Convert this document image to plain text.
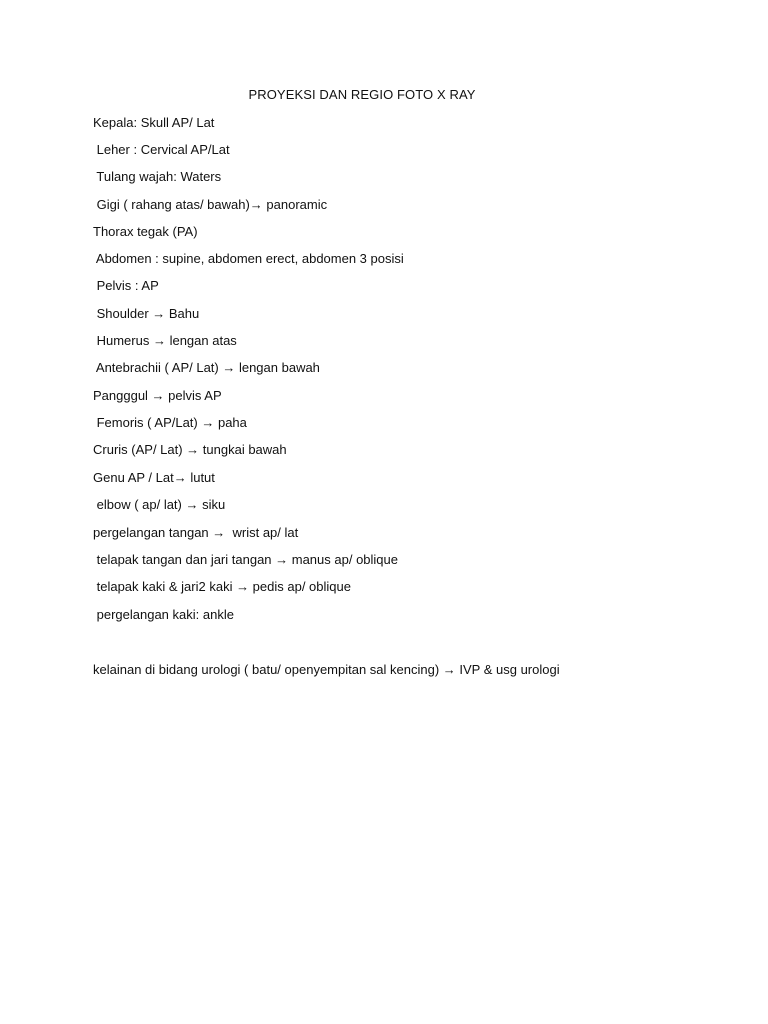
PROYEKSI DAN REGIO FOTO X RAY
Kepala: Skull AP/ Lat
Leher : Cervical AP/Lat
Tulang wajah: Waters
Gigi ( rahang atas/ bawah)→ panoramic
Thorax tegak (PA)
Abdomen : supine, abdomen erect, abdomen 3 posisi
Pelvis : AP
Shoulder → Bahu
Humerus → lengan atas
Antebrachii ( AP/ Lat) → lengan bawah
Pangggul → pelvis AP
Femoris ( AP/Lat) → paha
Cruris (AP/ Lat) → tungkai bawah
Genu AP / Lat→ lutut
elbow ( ap/ lat) → siku
pergelangan tangan →  wrist ap/ lat
telapak tangan dan jari tangan → manus ap/ oblique
telapak kaki & jari2 kaki → pedis ap/ oblique
pergelangan kaki: ankle
kelainan di bidang urologi ( batu/ openyempitan sal kencing) → IVP & usg urologi
